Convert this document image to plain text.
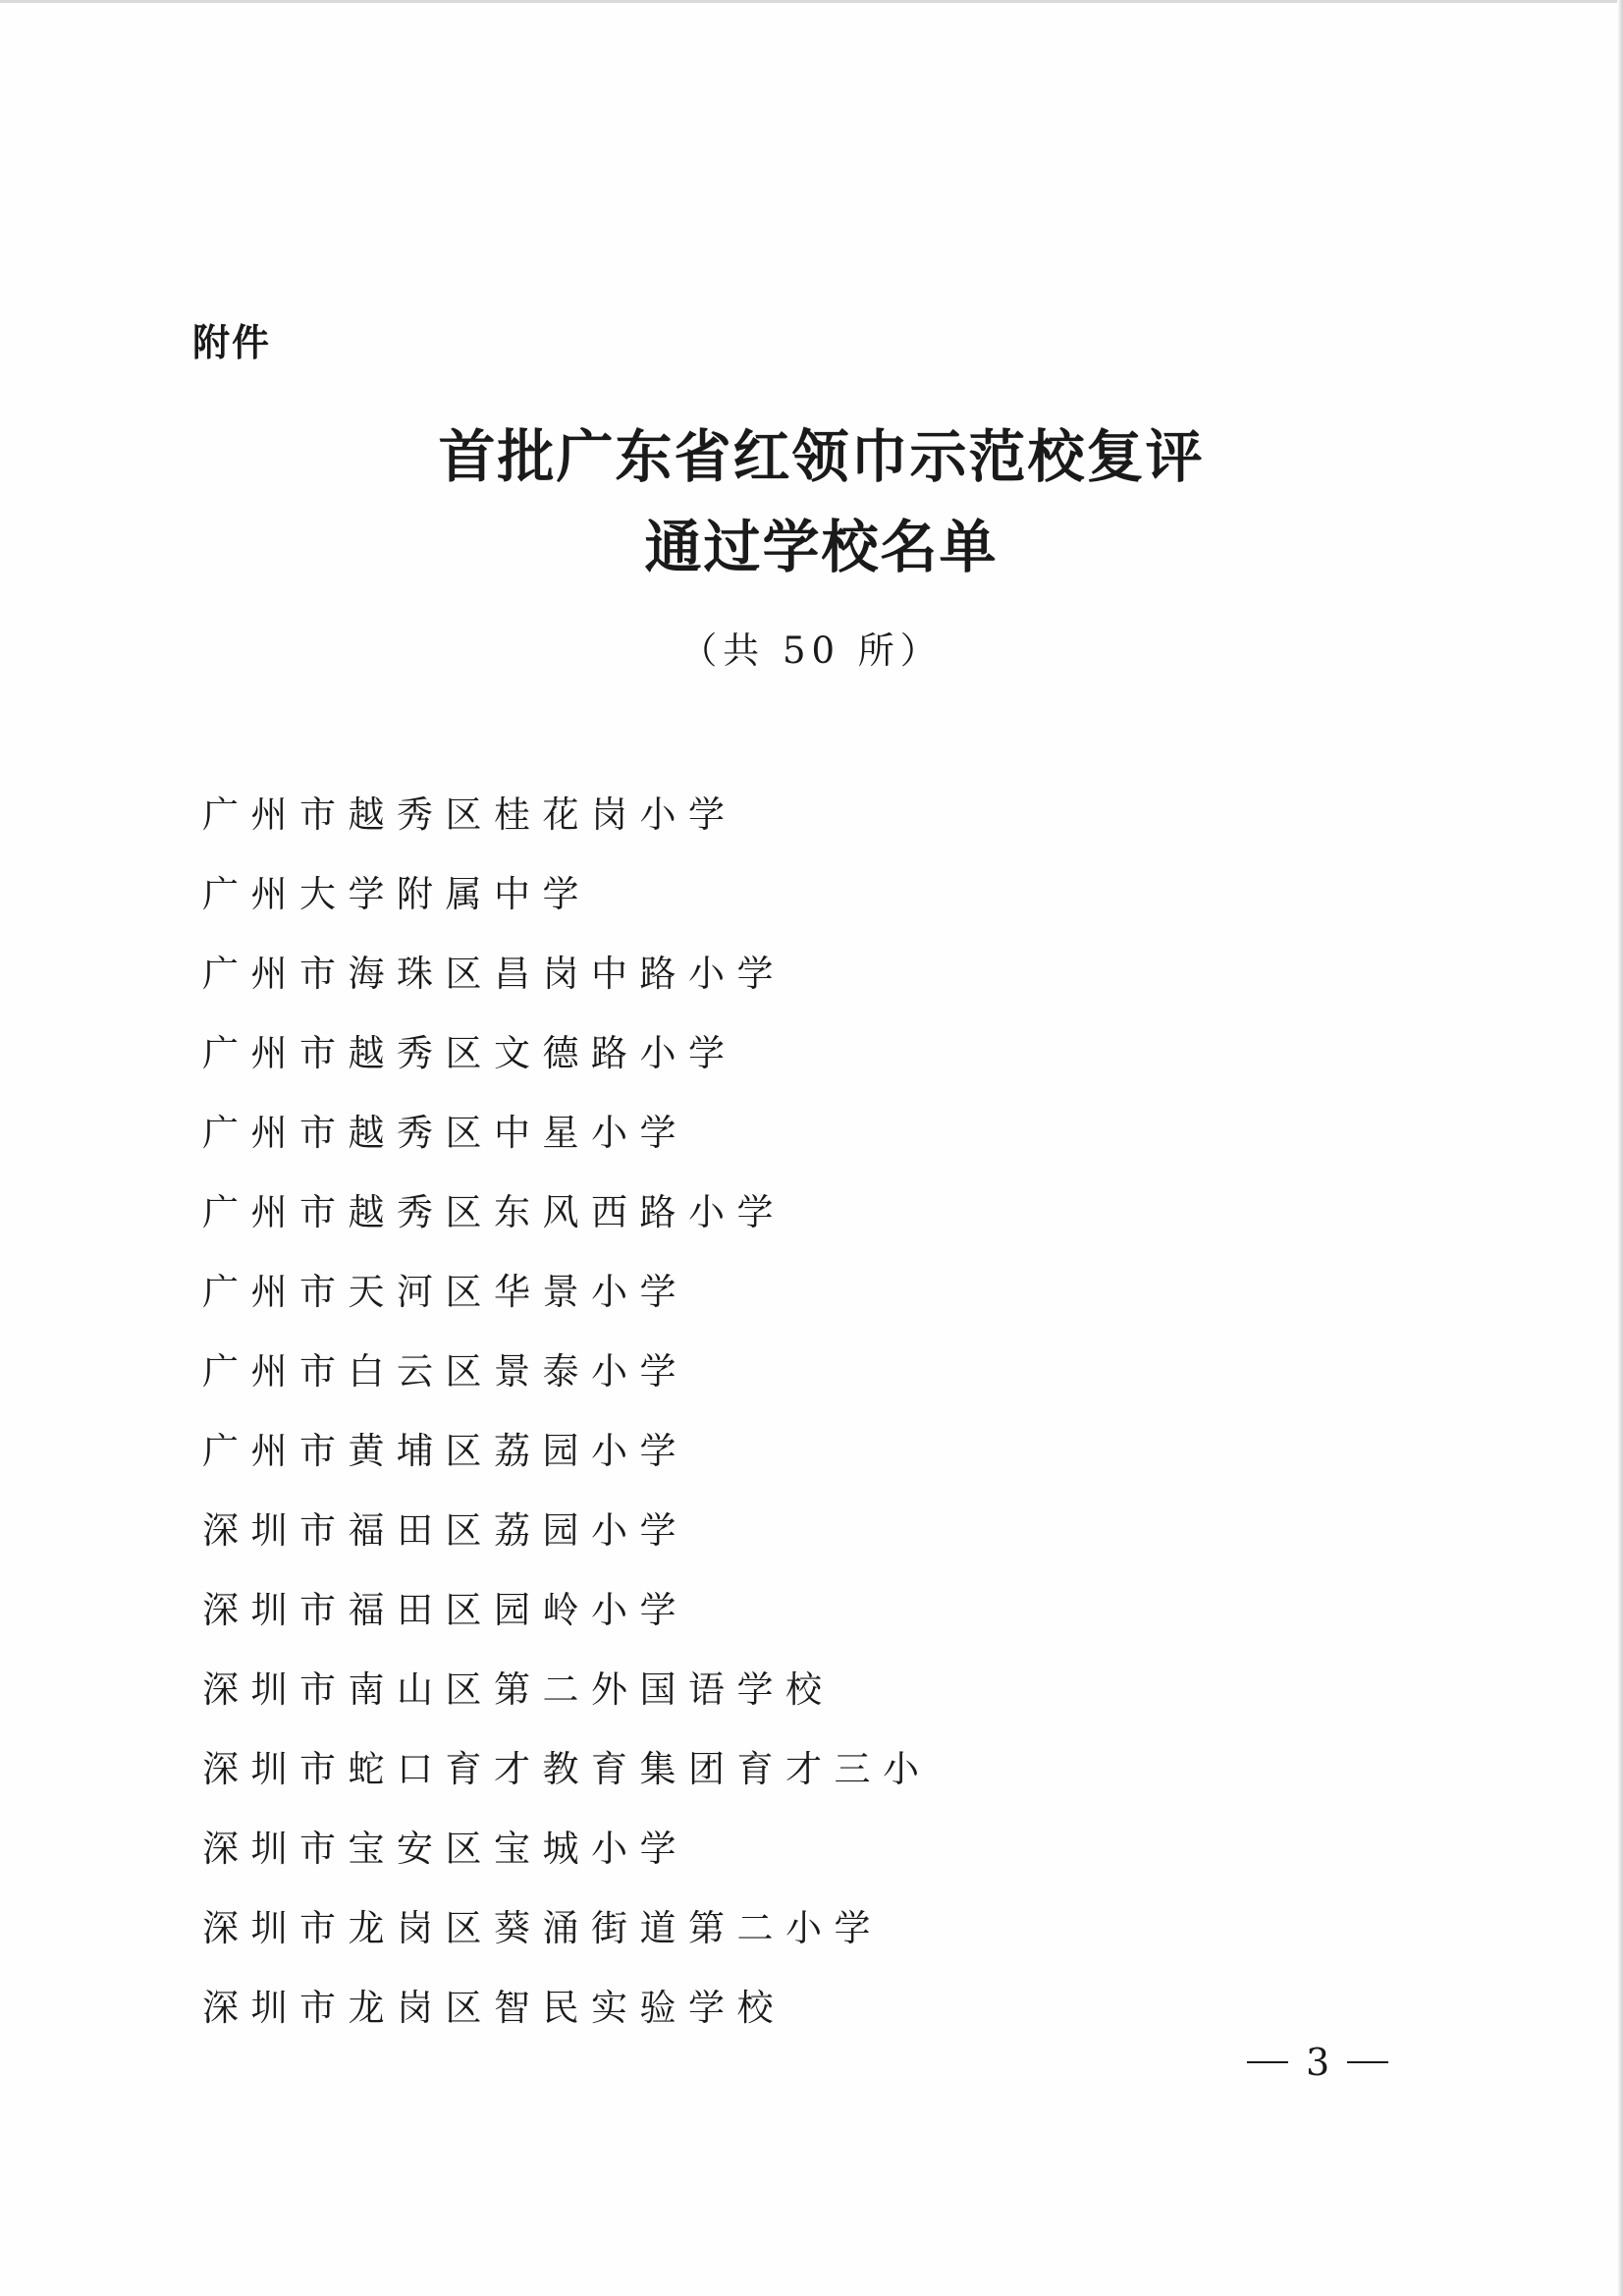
附件
首批广东省红领巾示范校复评
通过学校名单
（共 50 所）
广州市越秀区桂花岗小学
广州大学附属中学
广州市海珠区昌岗中路小学
广州市越秀区文德路小学
广州市越秀区中星小学
广州市越秀区东风西路小学
广州市天河区华景小学
广州市白云区景泰小学
广州市黄埔区荔园小学
深圳市福田区荔园小学
深圳市福田区园岭小学
深圳市南山区第二外国语学校
深圳市蛇口育才教育集团育才三小
深圳市宝安区宝城小学
深圳市龙岗区葵涌街道第二小学
深圳市龙岗区智民实验学校
3
